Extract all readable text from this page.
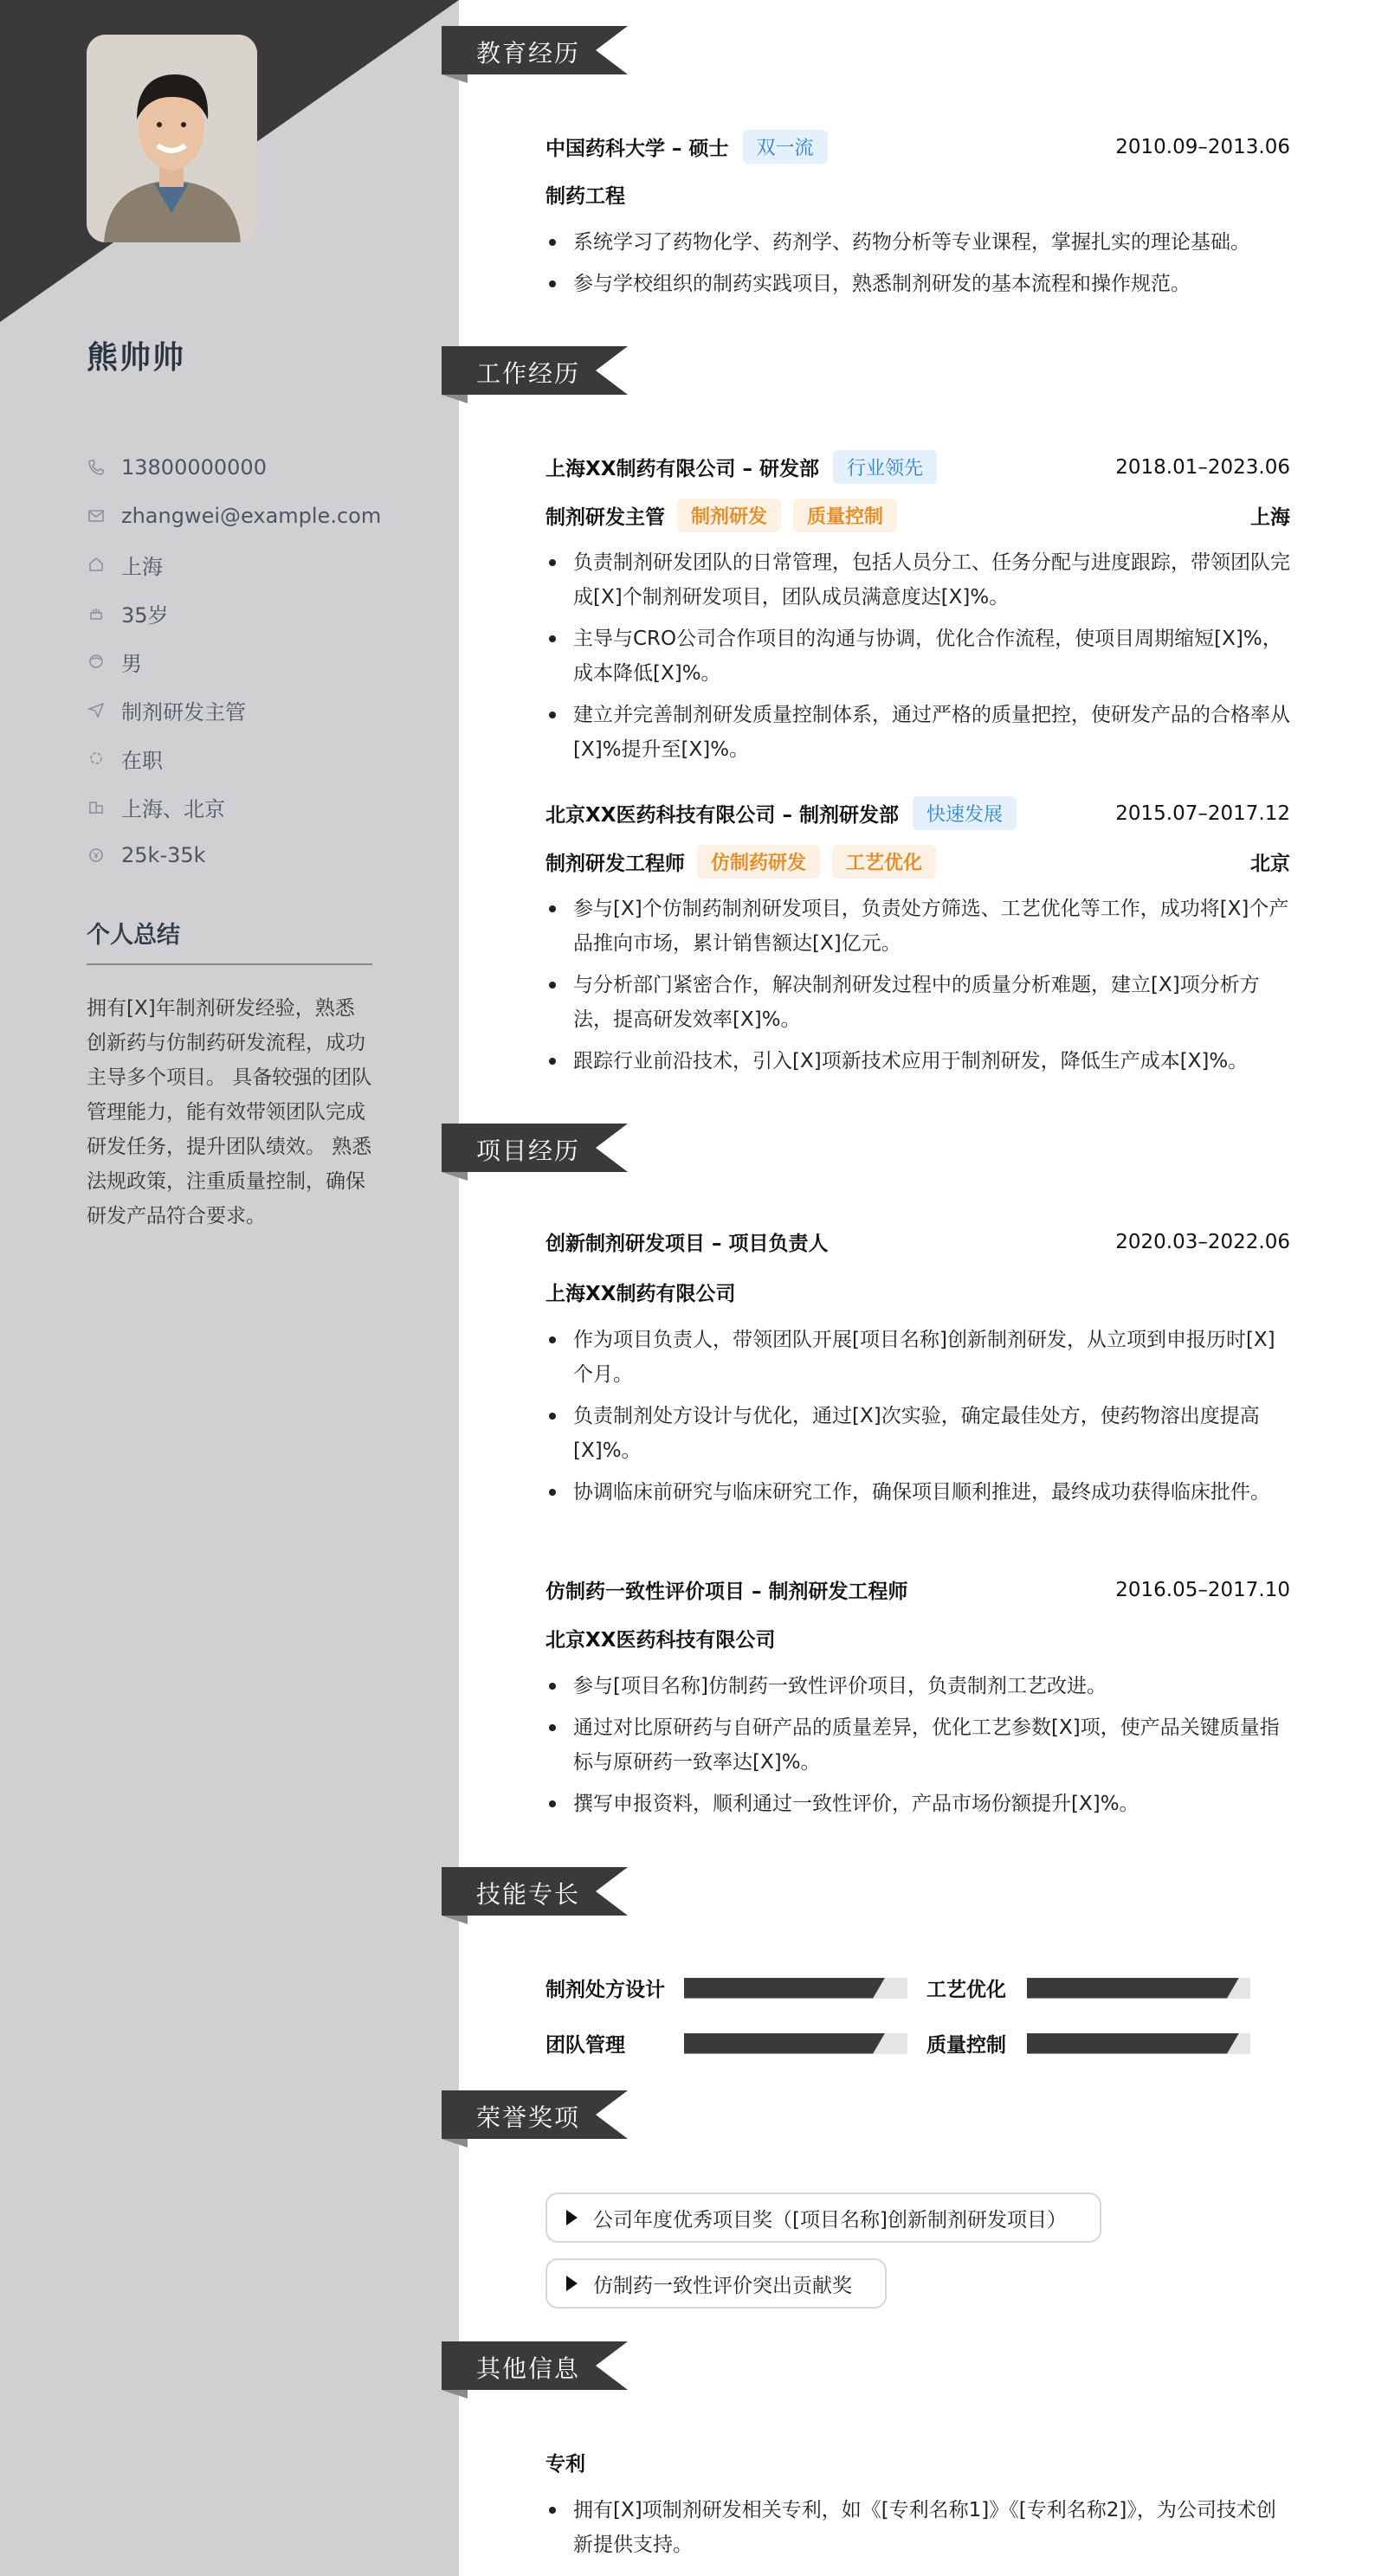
熊帅帅
13800000000
zhangwei@example.com
上海
35岁
男
制剂研发主管
在职
上海、北京
25k-35k
个人总结
拥有[X]年制剂研发经验，熟悉创新药与仿制药研发流程，成功主导多个项目。 具备较强的团队管理能力，能有效带领团队完成研发任务，提升团队绩效。 熟悉法规政策，注重质量控制，确保研发产品符合要求。
教育经历
工作经历
项目经历
技能专长
荣誉奖项
其他信息
中国药科大学 – 硕士	双一流	2010.09–2013.06
制药工程
系统学习了药物化学、药剂学、药物分析等专业课程，掌握扎实的理论基础。
参与学校组织的制药实践项目，熟悉制剂研发的基本流程和操作规范。
上海XX制药有限公司 – 研发部	行业领先	2018.01–2023.06
制剂研发主管	制剂研发	质量控制	上海
负责制剂研发团队的日常管理，包括人员分工、任务分配与进度跟踪，带领团队完成[X]个制剂研发项目，团队成员满意度达[X]%。
主导与CRO公司合作项目的沟通与协调，优化合作流程，使项目周期缩短[X]%，成本降低[X]%。
建立并完善制剂研发质量控制体系，通过严格的质量把控，使研发产品的合格率从[X]%提升至[X]%。
北京XX医药科技有限公司 – 制剂研发部	快速发展	2015.07–2017.12
制剂研发工程师	仿制药研发	工艺优化	北京
参与[X]个仿制药制剂研发项目，负责处方筛选、工艺优化等工作，成功将[X]个产品推向市场，累计销售额达[X]亿元。
与分析部门紧密合作，解决制剂研发过程中的质量分析难题，建立[X]项分析方法，提高研发效率[X]%。
跟踪行业前沿技术，引入[X]项新技术应用于制剂研发，降低生产成本[X]%。
创新制剂研发项目 – 项目负责人	2020.03–2022.06
上海XX制药有限公司
作为项目负责人，带领团队开展[项目名称]创新制剂研发，从立项到申报历时[X]个月。
负责制剂处方设计与优化，通过[X]次实验，确定最佳处方，使药物溶出度提高[X]%。
协调临床前研究与临床研究工作，确保项目顺利推进，最终成功获得临床批件。
仿制药一致性评价项目 – 制剂研发工程师	2016.05–2017.10
北京XX医药科技有限公司
参与[项目名称]仿制药一致性评价项目，负责制剂工艺改进。
通过对比原研药与自研产品的质量差异，优化工艺参数[X]项，使产品关键质量指标与原研药一致率达[X]%。
撰写申报资料，顺利通过一致性评价，产品市场份额提升[X]%。
制剂处方设计	工艺优化
团队管理	质量控制
公司年度优秀项目奖（[项目名称]创新制剂研发项目）
仿制药一致性评价突出贡献奖
专利
拥有[X]项制剂研发相关专利，如《[专利名称1]》《[专利名称2]》，为公司技术创新提供支持。
